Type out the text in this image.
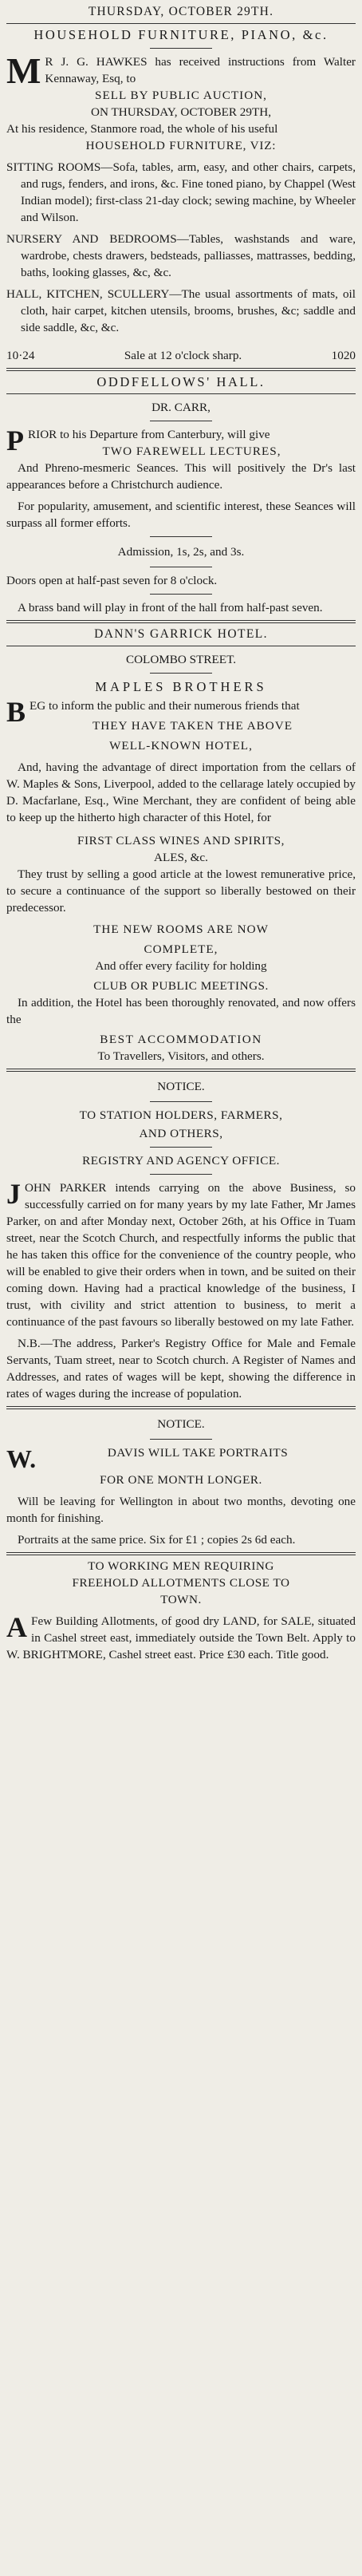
THURSDAY, OCTOBER 29TH.
HOUSEHOLD FURNITURE, PIANO, &c.
M R J. G. HAWKES has received instructions from Walter Kennaway, Esq, to
SELL BY PUBLIC AUCTION,
ON THURSDAY, OCTOBER 29TH,
At his residence, Stanmore road, the whole of his useful
HOUSEHOLD FURNITURE, VIZ:
SITTING ROOMS—Sofa, tables, arm, easy, and other chairs, carpets, and rugs, fenders, and irons, &c. Fine toned piano, by Chappel (West Indian model); first-class 21-day clock; sewing machine, by Wheeler and Wilson.
NURSERY AND BEDROOMS—Tables, washstands and ware, wardrobe, chests drawers, bedsteads, palliasses, mattrasses, bedding, baths, looking glasses, &c, &c.
HALL, KITCHEN, SCULLERY—The usual assortments of mats, oil cloth, hair carpet, kitchen utensils, brooms, brushes, &c; saddle and side saddle, &c, &c.
10·24	Sale at 12 o'clock sharp.	1020
ODDFELLOWS' HALL.
DR. CARR,
PRIOR to his Departure from Canterbury, will give
TWO FAREWELL LECTURES,
And Phreno-mesmeric Seances. This will positively the Dr's last appearances before a Christchurch audience.
For popularity, amusement, and scientific interest, these Seances will surpass all former efforts.
Admission, 1s, 2s, and 3s.
Doors open at half-past seven for 8 o'clock.
A brass band will play in front of the hall from half-past seven.
DANN'S GARRICK HOTEL.
COLOMBO STREET.
MAPLES BROTHERS
BEG to inform the public and their numerous friends that
THEY HAVE TAKEN THE ABOVE
WELL-KNOWN HOTEL,
And, having the advantage of direct importation from the cellars of W. Maples & Sons, Liverpool, added to the cellarage lately occupied by D. Macfarlane, Esq., Wine Merchant, they are confident of being able to keep up the hitherto high character of this Hotel, for
FIRST CLASS WINES AND SPIRITS,
ALES, &c.
They trust by selling a good article at the lowest remunerative price, to secure a continuance of the support so liberally bestowed on their predecessor.
THE NEW ROOMS ARE NOW
COMPLETE,
And offer every facility for holding
CLUB OR PUBLIC MEETINGS.
In addition, the Hotel has been thoroughly renovated, and now offers the
BEST ACCOMMODATION
To Travellers, Visitors, and others.
NOTICE.
TO STATION HOLDERS, FARMERS,
AND OTHERS,
REGISTRY AND AGENCY OFFICE.
JOHN PARKER intends carrying on the above Business, so successfully carried on for many years by my late Father, Mr James Parker, on and after Monday next, October 26th, at his Office in Tuam street, near the Scotch Church, and respectfully informs the public that he has taken this office for the convenience of the country people, who will be enabled to give their orders when in town, and be suited on their coming down. Having had a practical knowledge of the business, I trust, with civility and strict attention to business, to merit a continuance of the past favours so liberally bestowed on my late Father.
N.B.—The address, Parker's Registry Office for Male and Female Servants, Tuam street, near to Scotch church. A Register of Names and Addresses, and rates of wages will be kept, showing the difference in rates of wages during the increase of population.
NOTICE.
W.	DAVIS WILL TAKE PORTRAITS
FOR ONE MONTH LONGER.
Will be leaving for Wellington in about two months, devoting one month for finishing.
Portraits at the same price. Six for £1 ; copies 2s 6d each.
TO WORKING MEN REQUIRING
FREEHOLD ALLOTMENTS CLOSE TO
TOWN.
A Few Building Allotments, of good dry LAND, for SALE, situated in Cashel street east, immediately outside the Town Belt. Apply to W. BRIGHTMORE, Cashel street east. Price £30 each. Title good.
